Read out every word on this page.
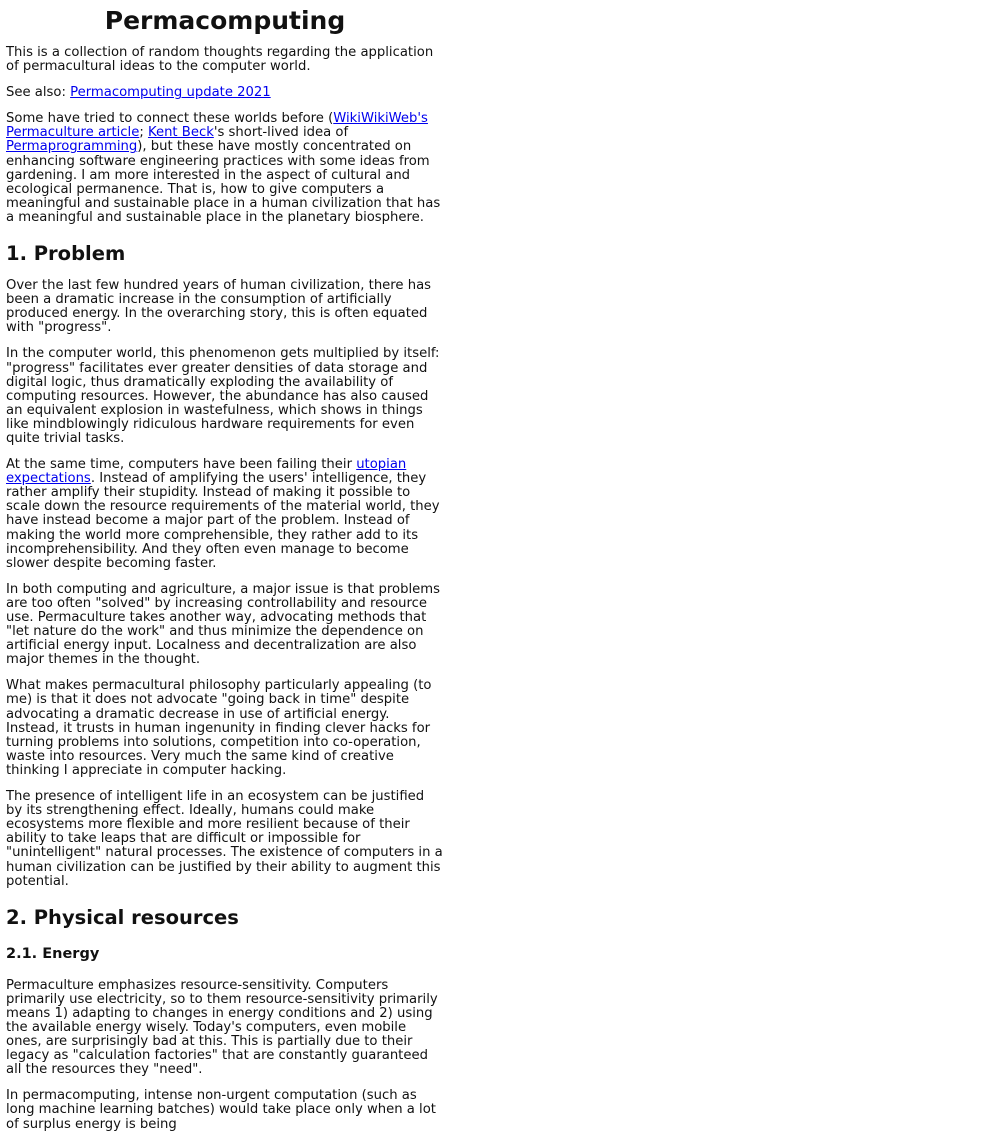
Permacomputing

This is a collection of random thoughts regarding the application of permacultural ideas to the computer world.

See also: Permacomputing update 2021

Some have tried to connect these worlds before (WikiWikiWeb's Permaculture article; Kent Beck's short-lived idea of Permaprogramming), but these have mostly concentrated on enhancing software engineering practices with some ideas from gardening. I am more interested in the aspect of cultural and ecological permanence. That is, how to give computers a meaningful and sustainable place in a human civilization that has a meaningful and sustainable place in the planetary biosphere.

1. Problem

Over the last few hundred years of human civilization, there has been a dramatic increase in the consumption of artificially produced energy. In the overarching story, this is often equated with "progress".

In the computer world, this phenomenon gets multiplied by itself: "progress" facilitates ever greater densities of data storage and digital logic, thus dramatically exploding the availability of computing resources. However, the abundance has also caused an equivalent explosion in wastefulness, which shows in things like mindblowingly ridiculous hardware requirements for even quite trivial tasks.

At the same time, computers have been failing their utopian expectations. Instead of amplifying the users' intelligence, they rather amplify their stupidity. Instead of making it possible to scale down the resource requirements of the material world, they have instead become a major part of the problem. Instead of making the world more comprehensible, they rather add to its incomprehensibility. And they often even manage to become slower despite becoming faster.

In both computing and agriculture, a major issue is that problems are too often "solved" by increasing controllability and resource use. Permaculture takes another way, advocating methods that "let nature do the work" and thus minimize the dependence on artificial energy input. Localness and decentralization are also major themes in the thought.

What makes permacultural philosophy particularly appealing (to me) is that it does not advocate "going back in time" despite advocating a dramatic decrease in use of artificial energy. Instead, it trusts in human ingenunity in finding clever hacks for turning problems into solutions, competition into co-operation, waste into resources. Very much the same kind of creative thinking I appreciate in computer hacking.

The presence of intelligent life in an ecosystem can be justified by its strengthening effect. Ideally, humans could make ecosystems more flexible and more resilient because of their ability to take leaps that are difficult or impossible for "unintelligent" natural processes. The existence of computers in a human civilization can be justified by their ability to augment this potential.

2. Physical resources
2.1. Energy

Permaculture emphasizes resource-sensitivity. Computers primarily use electricity, so to them resource-sensitivity primarily means 1) adapting to changes in energy conditions and 2) using the available energy wisely. Today's computers, even mobile ones, are surprisingly bad at this. This is partially due to their legacy as "calculation factories" that are constantly guaranteed all the resources they "need".

In permacomputing, intense non-urgent computation (such as long machine learning batches) would take place only when a lot of surplus energy is being
